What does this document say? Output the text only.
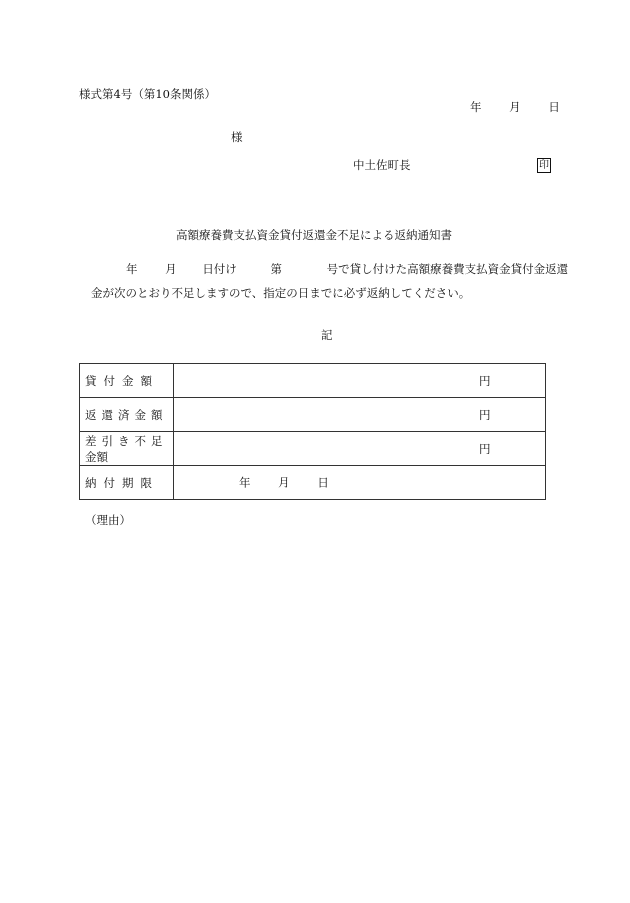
様式第4号（第10条関係）
年 月 日
様
中土佐町長	印
高額療養費支払資金貸付返還金不足による返納通知書
年 月 日付け	第	号で貸し付けた高額療養費支払資金貸付金返還
金が次のとおり不足しますので、指定の日までに必ず返納してください。
記
貸付金額	円

返還済金額	円

差引き不足
金額	円

納付期限	年 月 日
（理由）
